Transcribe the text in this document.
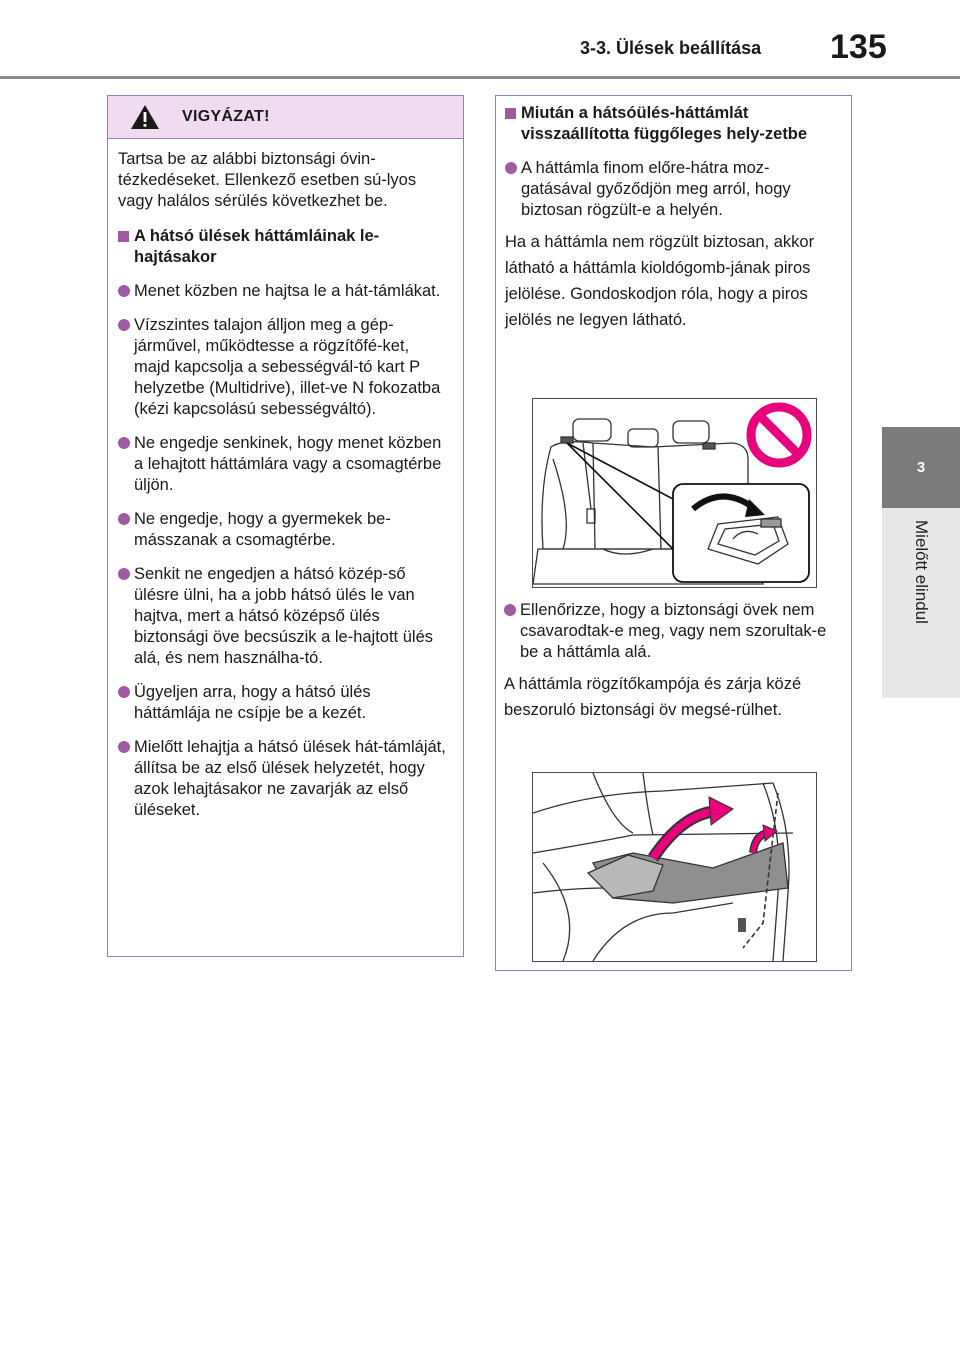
3-3. Ülések beállítása 135
3
Mielőtt elindul
VIGYÁZAT!

Tartsa be az alábbi biztonsági óvin-tézkedéseket. Ellenkező esetben sú-lyos vagy halálos sérülés következhet be.

A hátsó ülések háttámláinak le-hajtásakor
Menet közben ne hajtsa le a hát-támlákat.
Vízszintes talajon álljon meg a gép-járművel, működtesse a rögzítőfé-ket, majd kapcsolja a sebességvál-tó kart P helyzetbe (Multidrive), illet-ve N fokozatba (kézi kapcsolású sebességváltó).
Ne engedje senkinek, hogy menet közben a lehajtott háttámlára vagy a csomagtérbe üljön.
Ne engedje, hogy a gyermekek be-másszanak a csomagtérbe.
Senkit ne engedjen a hátsó közép-ső ülésre ülni, ha a jobb hátsó ülés le van hajtva, mert a hátsó középső ülés biztonsági öve becsúszik a le-hajtott ülés alá, és nem használha-tó.
Ügyeljen arra, hogy a hátsó ülés háttámlája ne csípje be a kezét.
Mielőtt lehajtja a hátsó ülések hát-támláját, állítsa be az első ülések helyzetét, hogy azok lehajtásakor ne zavarják az első üléseket.
Miután a hátsóülés-háttámlát visszaállította függőleges hely-zetbe
A háttámla finom előre-hátra moz-gatásával győződjön meg arról, hogy biztosan rögzült-e a helyén.

Ha a háttámla nem rögzült biztosan, akkor látható a háttámla kioldógomb-jának piros jelölése. Gondoskodjon róla, hogy a piros jelölés ne legyen látható.

Ellenőrizze, hogy a biztonsági övek nem csavarodtak-e meg, vagy nem szorultak-e be a háttámla alá.

A háttámla rögzítőkampója és zárja közé beszoruló biztonsági öv megsé-rülhet.
